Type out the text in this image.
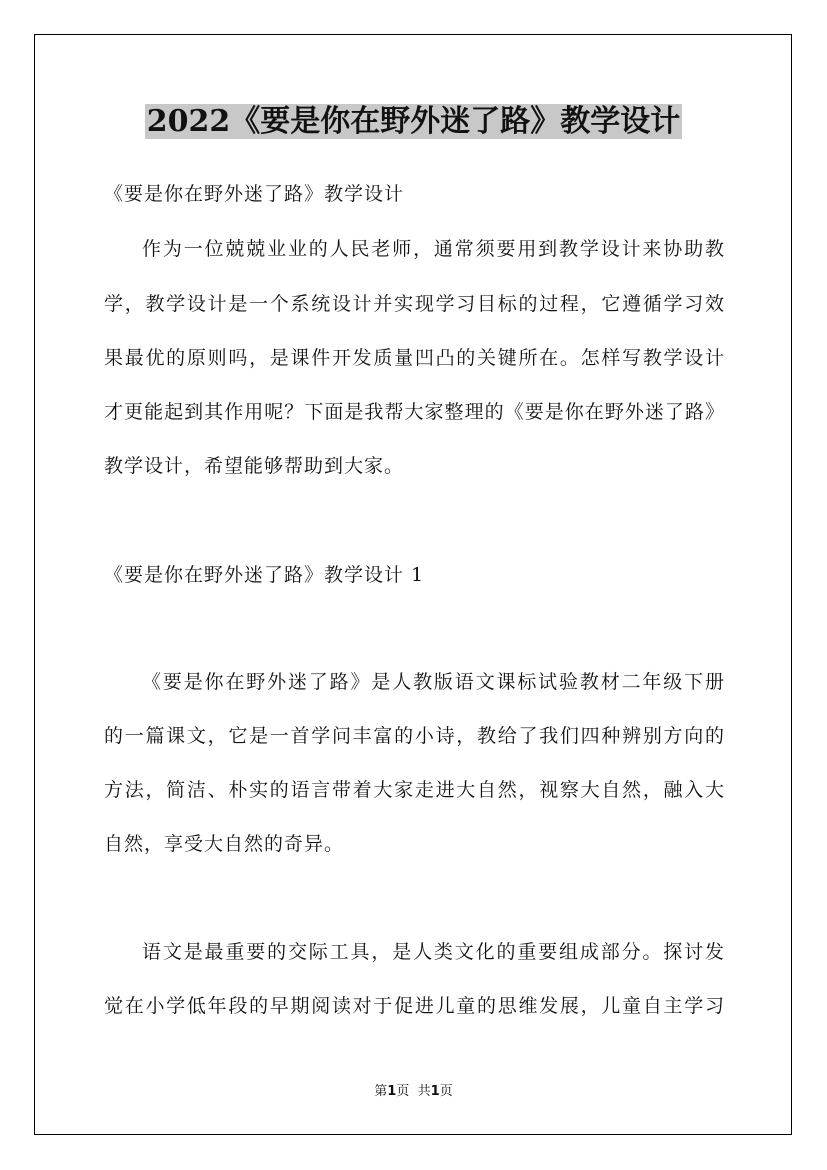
2022《要是你在野外迷了路》教学设计
《要是你在野外迷了路》教学设计
作为一位兢兢业业的人民老师，通常须要用到教学设计来协助教
学，教学设计是一个系统设计并实现学习目标的过程，它遵循学习效
果最优的原则吗，是课件开发质量凹凸的关键所在。怎样写教学设计
才更能起到其作用呢？下面是我帮大家整理的《要是你在野外迷了路》
教学设计，希望能够帮助到大家。
《要是你在野外迷了路》教学设计 1
《要是你在野外迷了路》是人教版语文课标试验教材二年级下册
的一篇课文，它是一首学问丰富的小诗，教给了我们四种辨别方向的
方法，简洁、朴实的语言带着大家走进大自然，视察大自然，融入大
自然，享受大自然的奇异。
语文是最重要的交际工具，是人类文化的重要组成部分。探讨发
觉在小学低年段的早期阅读对于促进儿童的思维发展，儿童自主学习
第1页 共1页
